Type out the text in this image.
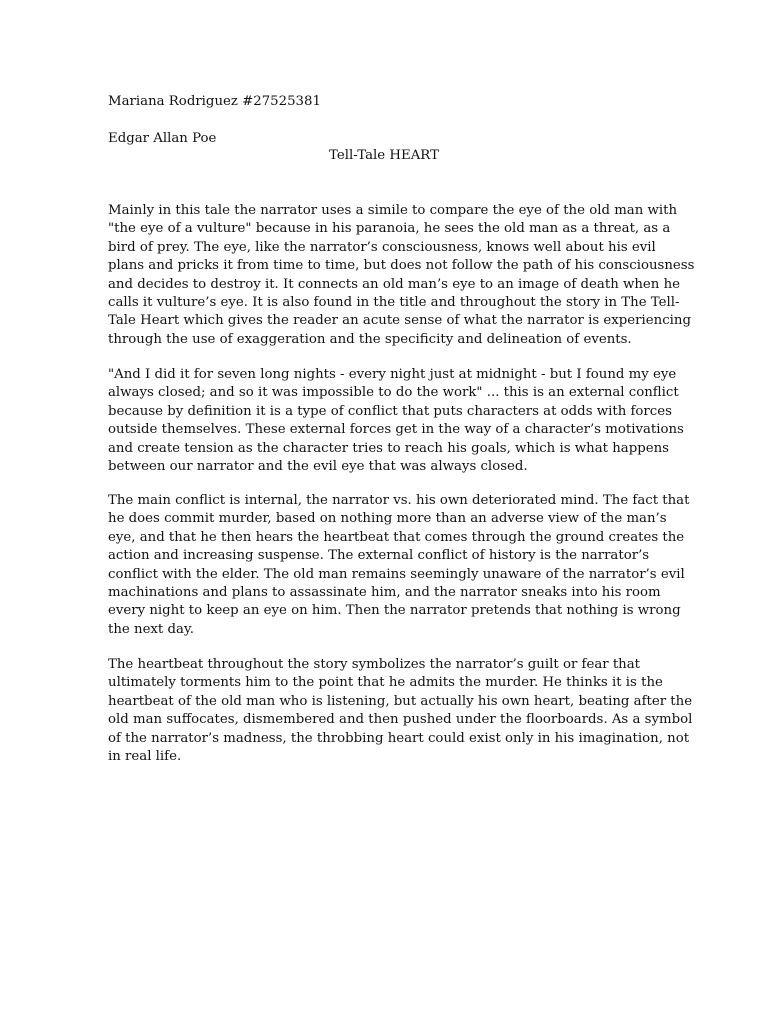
Mariana Rodriguez #27525381

Edgar Allan Poe

Tell-Tale HEART

Mainly in this tale the narrator uses a simile to compare the eye of the old man with
"the eye of a vulture" because in his paranoia, he sees the old man as a threat, as a
bird of prey. The eye, like the narrator’s consciousness, knows well about his evil
plans and pricks it from time to time, but does not follow the path of his consciousness
and decides to destroy it. It connects an old man’s eye to an image of death when he
calls it vulture’s eye. It is also found in the title and throughout the story in The Tell-
Tale Heart which gives the reader an acute sense of what the narrator is experiencing
through the use of exaggeration and the specificity and delineation of events.

"And I did it for seven long nights - every night just at midnight - but I found my eye
always closed; and so it was impossible to do the work" ... this is an external conflict
because by definition it is a type of conflict that puts characters at odds with forces
outside themselves. These external forces get in the way of a character’s motivations
and create tension as the character tries to reach his goals, which is what happens
between our narrator and the evil eye that was always closed.

The main conflict is internal, the narrator vs. his own deteriorated mind. The fact that
he does commit murder, based on nothing more than an adverse view of the man’s
eye, and that he then hears the heartbeat that comes through the ground creates the
action and increasing suspense. The external conflict of history is the narrator’s
conflict with the elder. The old man remains seemingly unaware of the narrator’s evil
machinations and plans to assassinate him, and the narrator sneaks into his room
every night to keep an eye on him. Then the narrator pretends that nothing is wrong
the next day.

The heartbeat throughout the story symbolizes the narrator’s guilt or fear that
ultimately torments him to the point that he admits the murder. He thinks it is the
heartbeat of the old man who is listening, but actually his own heart, beating after the
old man suffocates, dismembered and then pushed under the floorboards. As a symbol
of the narrator’s madness, the throbbing heart could exist only in his imagination, not
in real life.
